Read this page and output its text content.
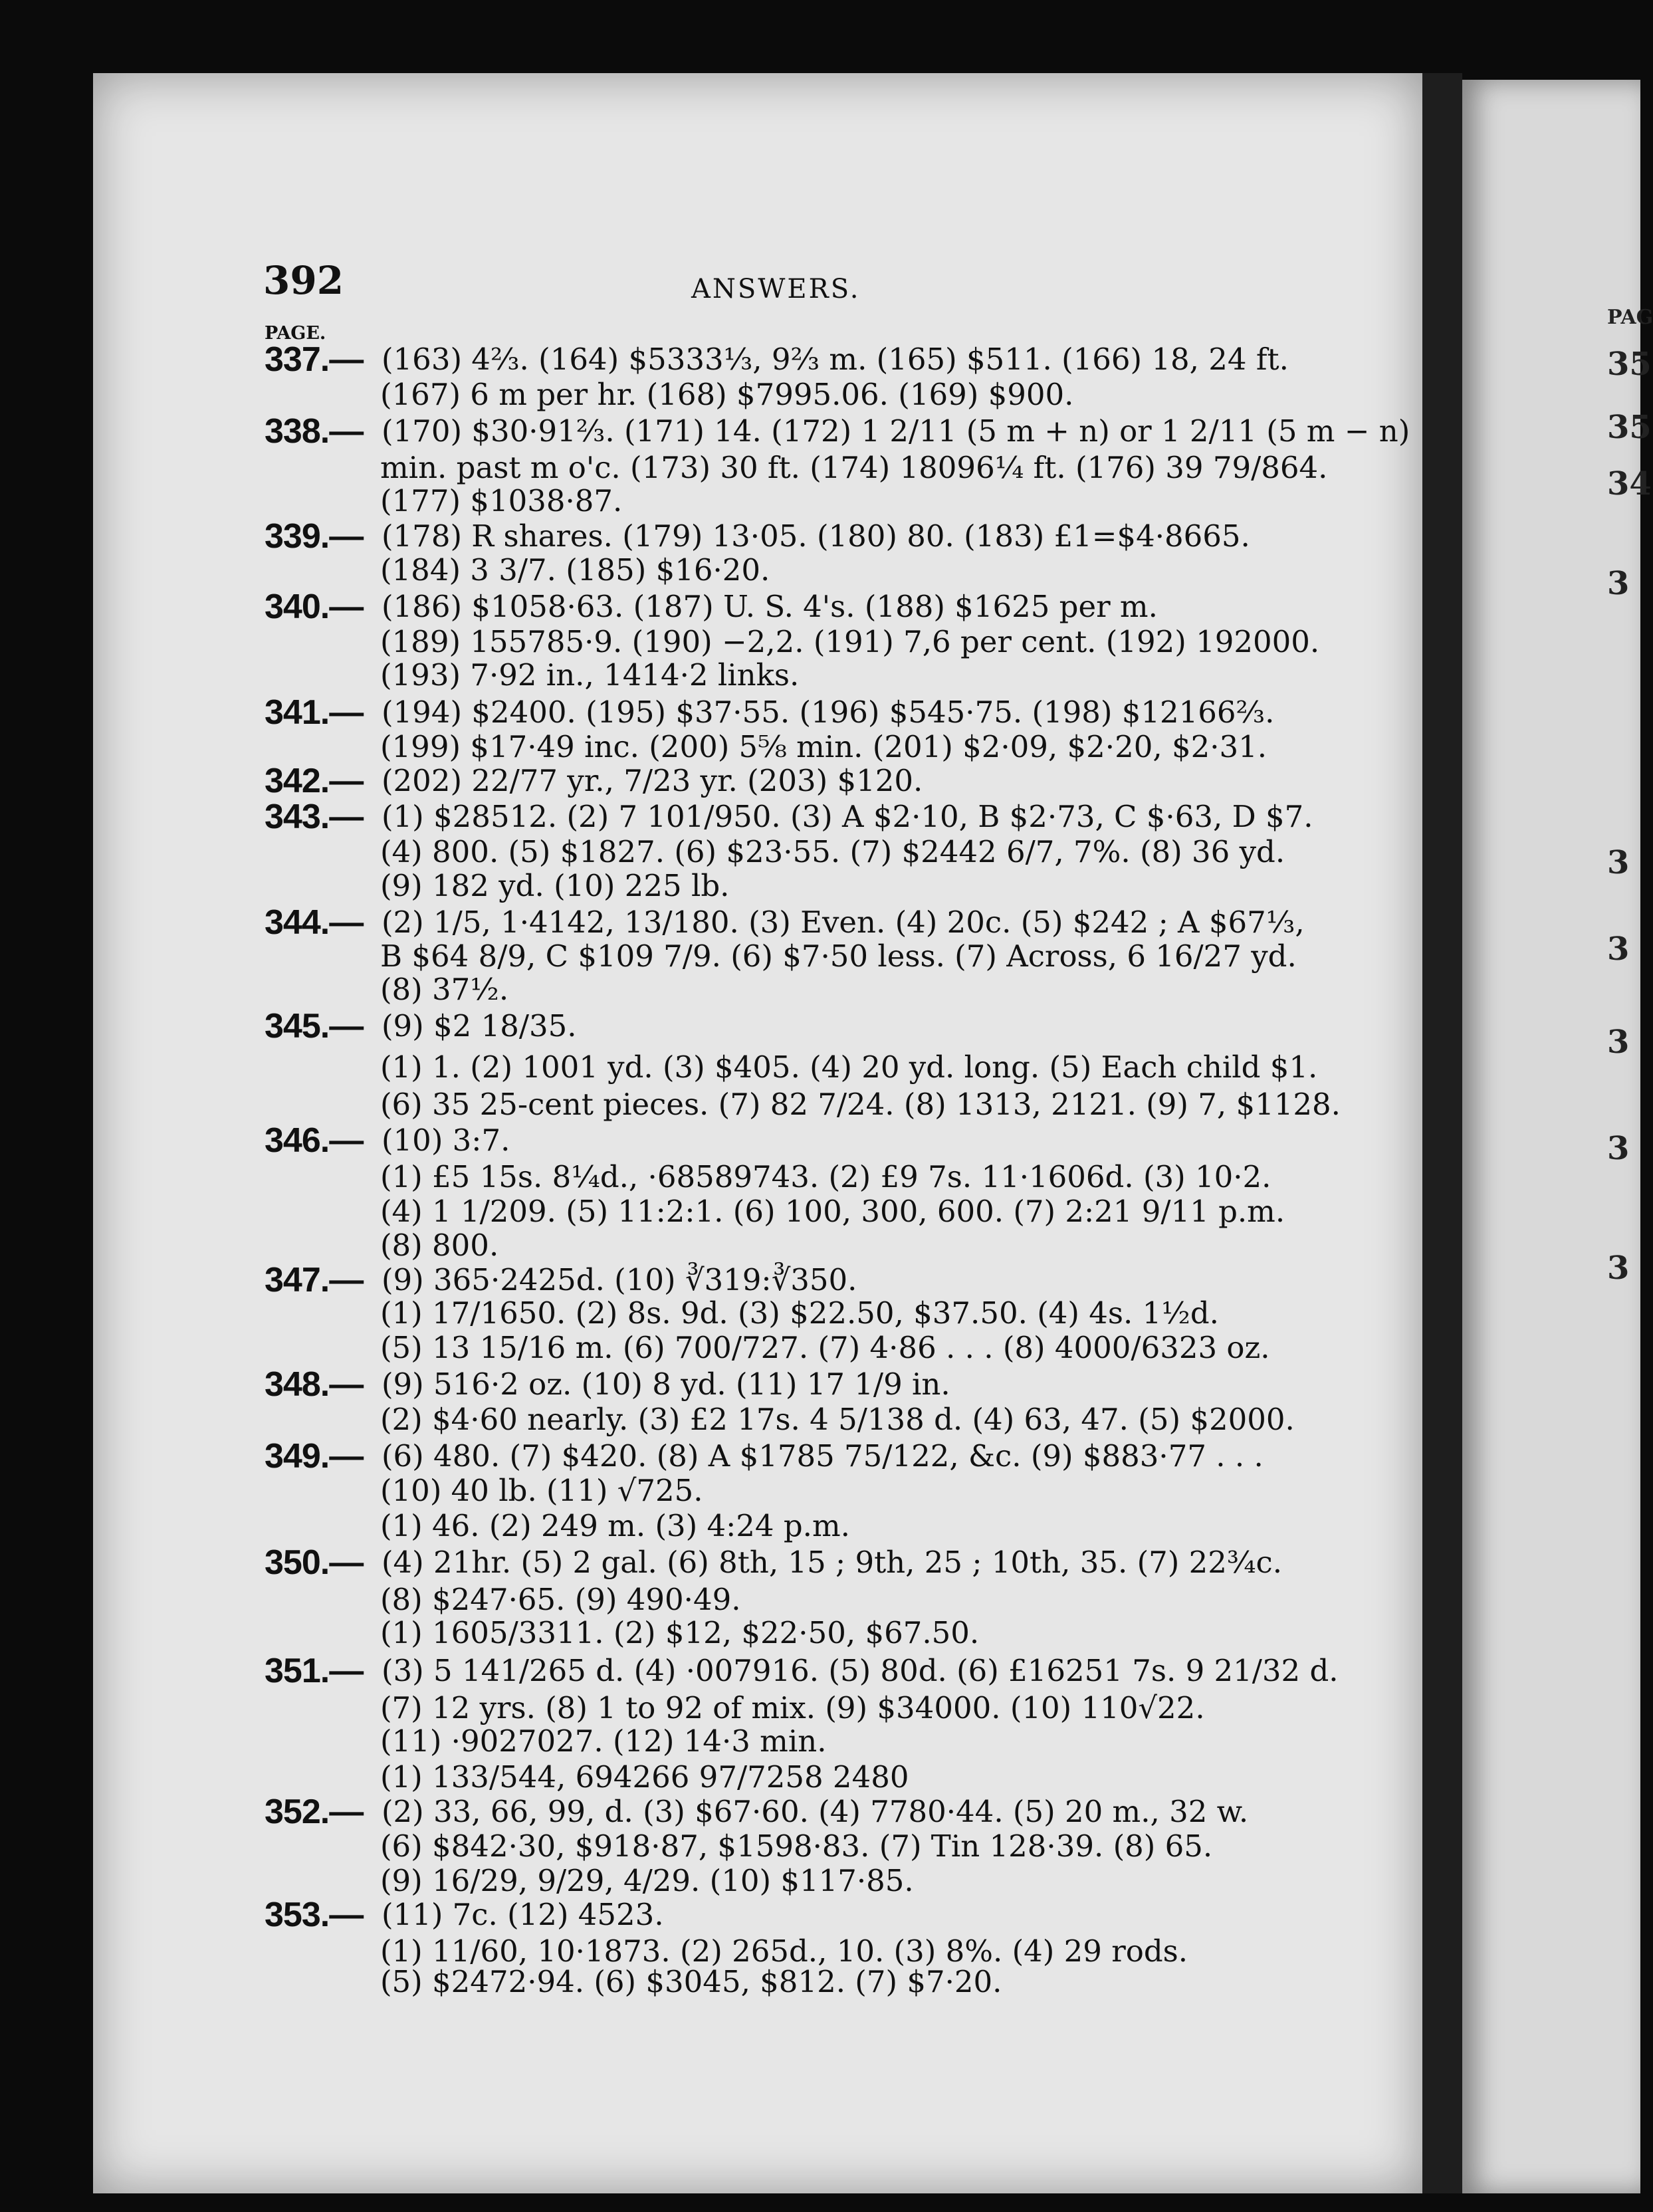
PAG
35
35
34
3
3
3
3
3
3
392	ANSWERS.
PAGE.
337.— (163) 4⅔. (164) $5333⅓, 9⅔ m. (165) $511. (166) 18, 24 ft.
(167) 6 m per hr. (168) $7995.06. (169) $900.
338.— (170) $30·91⅔. (171) 14. (172) 1 2/11 (5 m + n) or 1 2/11 (5 m − n)
min. past m o'c. (173) 30 ft. (174) 18096¼ ft. (176) 39 79/864.
(177) $1038·87.
339.— (178) R shares. (179) 13·05. (180) 80. (183) £1=$4·8665.
(184) 3 3/7. (185) $16·20.
340.— (186) $1058·63. (187) U. S. 4's. (188) $1625 per m.
(189) 155785·9. (190) −2,2. (191) 7,6 per cent. (192) 192000.
(193) 7·92 in., 1414·2 links.
341.— (194) $2400. (195) $37·55. (196) $545·75. (198) $12166⅔.
(199) $17·49 inc. (200) 5⅝ min. (201) $2·09, $2·20, $2·31.
342.— (202) 22/77 yr., 7/23 yr. (203) $120.
343.— (1) $28512. (2) 7 101/950. (3) A $2·10, B $2·73, C $·63, D $7.
(4) 800. (5) $1827. (6) $23·55. (7) $2442 6/7, 7%. (8) 36 yd.
(9) 182 yd. (10) 225 lb.
344.— (2) 1/5, 1·4142, 13/180. (3) Even. (4) 20c. (5) $242 ; A $67⅓,
B $64 8/9, C $109 7/9. (6) $7·50 less. (7) Across, 6 16/27 yd.
(8) 37½.
345.— (9) $2 18/35.
(1) 1. (2) 1001 yd. (3) $405. (4) 20 yd. long. (5) Each child $1.
(6) 35 25-cent pieces. (7) 82 7/24. (8) 1313, 2121. (9) 7, $1128.
346.— (10) 3:7.
(1) £5 15s. 8¼d., ·68589743. (2) £9 7s. 11·1606d. (3) 10·2.
(4) 1 1/209. (5) 11:2:1. (6) 100, 300, 600. (7) 2:21 9/11 p.m.
(8) 800.
347.— (9) 365·2425d. (10) ∛319:∛350.
(1) 17/1650. (2) 8s. 9d. (3) $22.50, $37.50. (4) 4s. 1½d.
(5) 13 15/16 m. (6) 700/727. (7) 4·86 . . . (8) 4000/6323 oz.
348.— (9) 516·2 oz. (10) 8 yd. (11) 17 1/9 in.
(2) $4·60 nearly. (3) £2 17s. 4 5/138 d. (4) 63, 47. (5) $2000.
349.— (6) 480. (7) $420. (8) A $1785 75/122, &c. (9) $883·77 . . .
(10) 40 lb. (11) √725.
(1) 46. (2) 249 m. (3) 4:24 p.m.
350.— (4) 21hr. (5) 2 gal. (6) 8th, 15 ; 9th, 25 ; 10th, 35. (7) 22¾c.
(8) $247·65. (9) 490·49.
(1) 1605/3311. (2) $12, $22·50, $67.50.
351.— (3) 5 141/265 d. (4) ·007916. (5) 80d. (6) £16251 7s. 9 21/32 d.
(7) 12 yrs. (8) 1 to 92 of mix. (9) $34000. (10) 110√22.
(11) ·9027027. (12) 14·3 min.
(1) 133/544, 694266 97/7258 2480
352.— (2) 33, 66, 99, d. (3) $67·60. (4) 7780·44. (5) 20 m., 32 w.
(6) $842·30, $918·87, $1598·83. (7) Tin 128·39. (8) 65.
(9) 16/29, 9/29, 4/29. (10) $117·85.
353.— (11) 7c. (12) 4523.
(1) 11/60, 10·1873. (2) 265d., 10. (3) 8%. (4) 29 rods.
(5) $2472·94. (6) $3045, $812. (7) $7·20.
